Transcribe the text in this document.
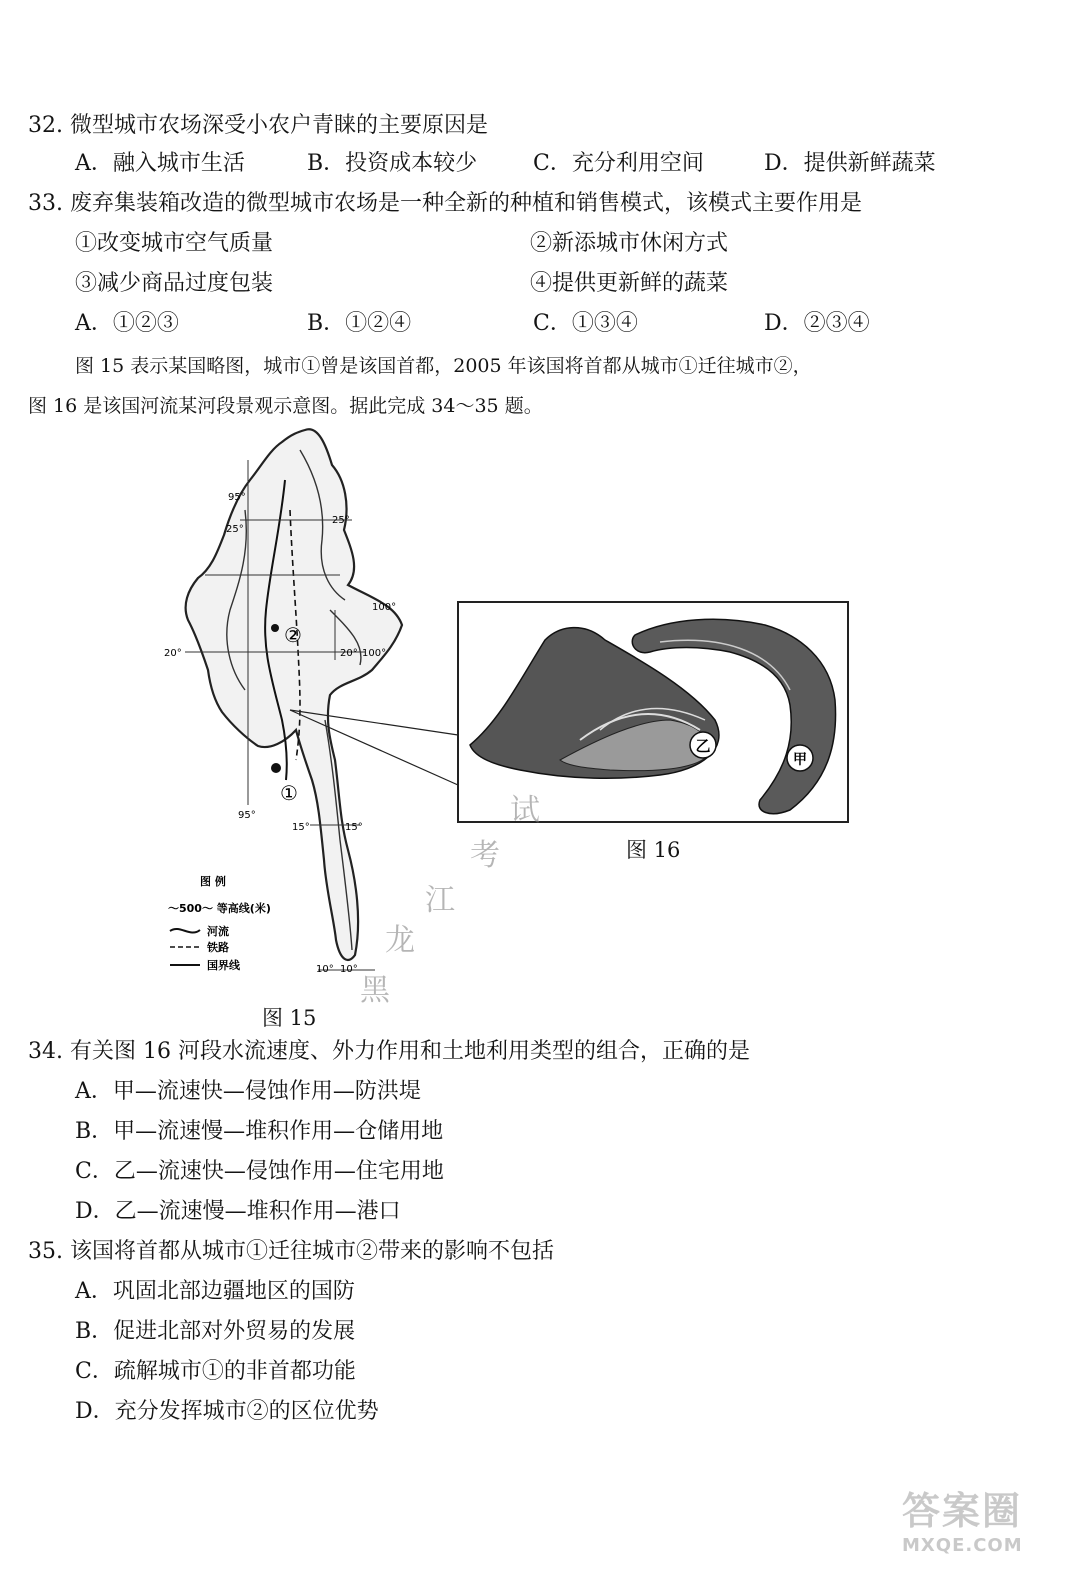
32. 微型城市农场深受小农户青睐的主要原因是
A．融入城市生活	B．投资成本较少	C．充分利用空间	D．提供新鲜蔬菜
33. 废弃集装箱改造的微型城市农场是一种全新的种植和销售模式，该模式主要作用是
①改变城市空气质量	②新添城市休闲方式
③减少商品过度包装	④提供更新鲜的蔬菜
A．①②③	B．①②④	C．①③④	D．②③④
图 15 表示某国略图，城市①曾是该国首都，2005 年该国将首都从城市①迁往城市②，
图 16 是该国河流某河段景观示意图。据此完成 34～35 题。
95°
25°
25°
100°
20°	20° 100°
95°
15°	15°
10° 10°
②
①
图 例
～500～ 等高线(米)
河流
铁路
国界线
乙
甲
图 16
图 15
黑
龙
江
考
试
34. 有关图 16 河段水流速度、外力作用和土地利用类型的组合，正确的是
A．甲—流速快—侵蚀作用—防洪堤
B．甲—流速慢—堆积作用—仓储用地
C．乙—流速快—侵蚀作用—住宅用地
D．乙—流速慢—堆积作用—港口
35. 该国将首都从城市①迁往城市②带来的影响不包括
A．巩固北部边疆地区的国防
B．促进北部对外贸易的发展
C．疏解城市①的非首都功能
D．充分发挥城市②的区位优势
答案圈
MXQE.COM
